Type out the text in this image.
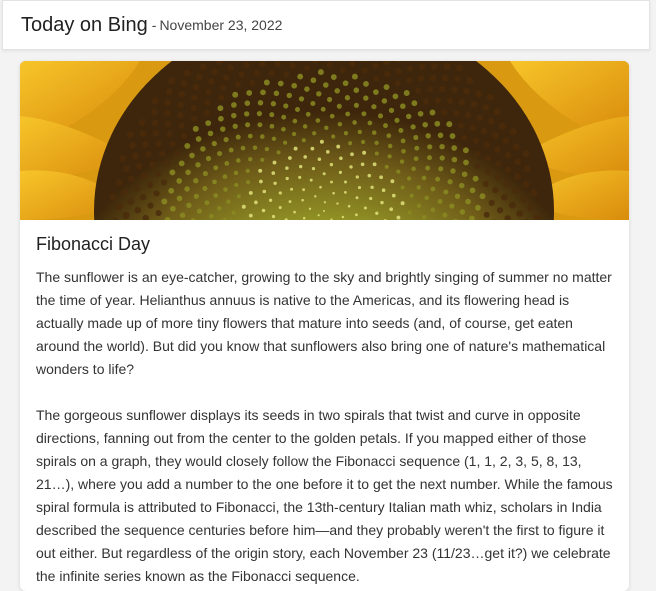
Today on Bing - November 23, 2022
Fibonacci Day

The sunflower is an eye-catcher, growing to the sky and brightly singing of summer no matter the time of year. Helianthus annuus is native to the Americas, and its flowering head is actually made up of more tiny flowers that mature into seeds (and, of course, get eaten around the world). But did you know that sunflowers also bring one of nature's mathematical wonders to life?

The gorgeous sunflower displays its seeds in two spirals that twist and curve in opposite directions, fanning out from the center to the golden petals. If you mapped either of those spirals on a graph, they would closely follow the Fibonacci sequence (1, 1, 2, 3, 5, 8, 13, 21…), where you add a number to the one before it to get the next number. While the famous spiral formula is attributed to Fibonacci, the 13th-century Italian math whiz, scholars in India described the sequence centuries before him—and they probably weren't the first to figure it out either. But regardless of the origin story, each November 23 (11/23…get it?) we celebrate the infinite series known as the Fibonacci sequence.
